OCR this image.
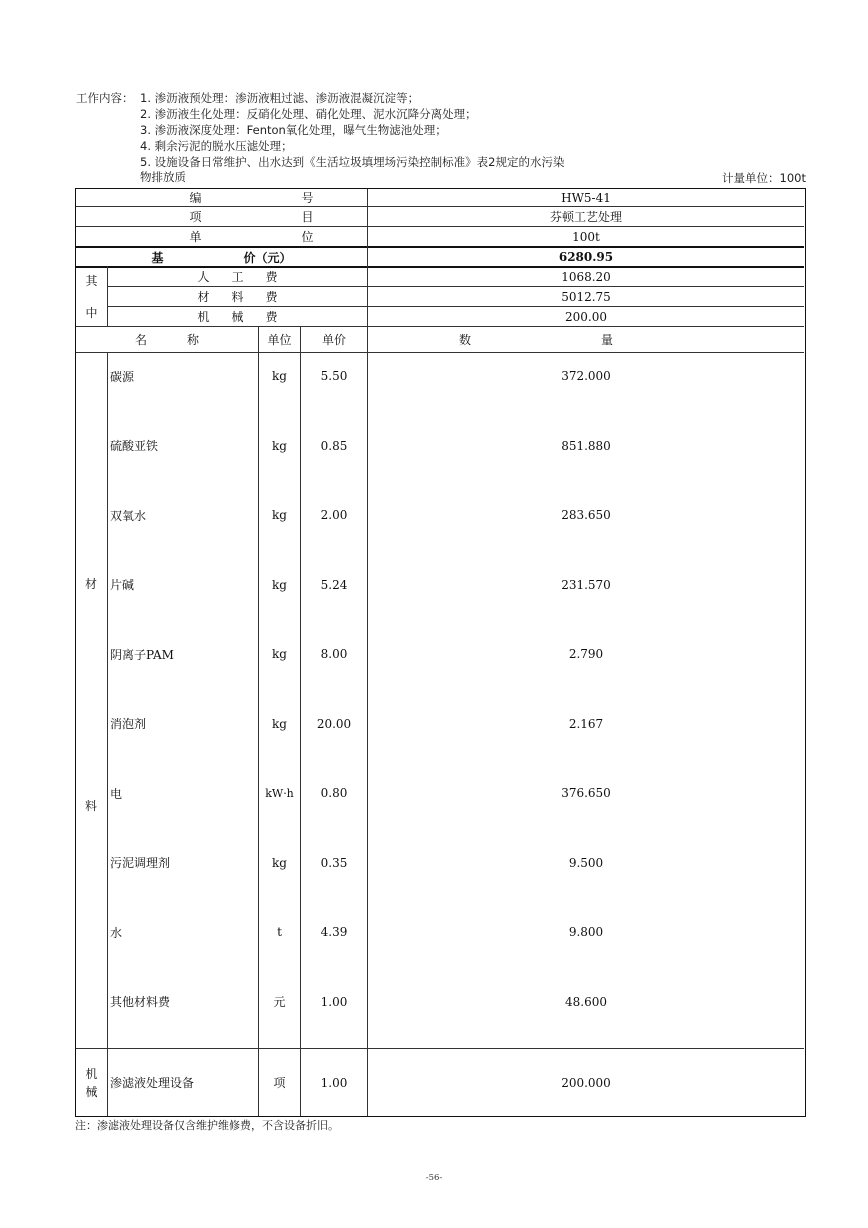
工作内容： 1. 渗沥液预处理：渗沥液粗过滤、渗沥液混凝沉淀等；
2. 渗沥液生化处理：反硝化处理、硝化处理、泥水沉降分离处理；
3. 渗沥液深度处理：Fenton氧化处理，曝气生物滤池处理；
4. 剩余污泥的脱水压滤处理；
5. 设施设备日常维护、出水达到《生活垃圾填埋场污染控制标准》表2规定的水污染
物排放质	计量单位：100t
编	号	HW5-41
项	目	芬顿工艺处理
单	位	100t
基	价（元）	6280.95
其
中
人 工 费	1068.20
材 料 费	5012.75
机 械 费	200.00
名	称	单位	单价	数	量
材
料
碳源	kg	5.50	372.000
硫酸亚铁	kg	0.85	851.880
双氧水	kg	2.00	283.650
片碱	kg	5.24	231.570
阴离子PAM	kg	8.00	2.790
消泡剂	kg	20.00	2.167
电	kW·h	0.80	376.650
污泥调理剂	kg	0.35	9.500
水	t	4.39	9.800
其他材料费	元	1.00	48.600
机
械
渗滤液处理设备	项	1.00	200.000
注：渗滤液处理设备仅含维护维修费，不含设备折旧。
-56-
